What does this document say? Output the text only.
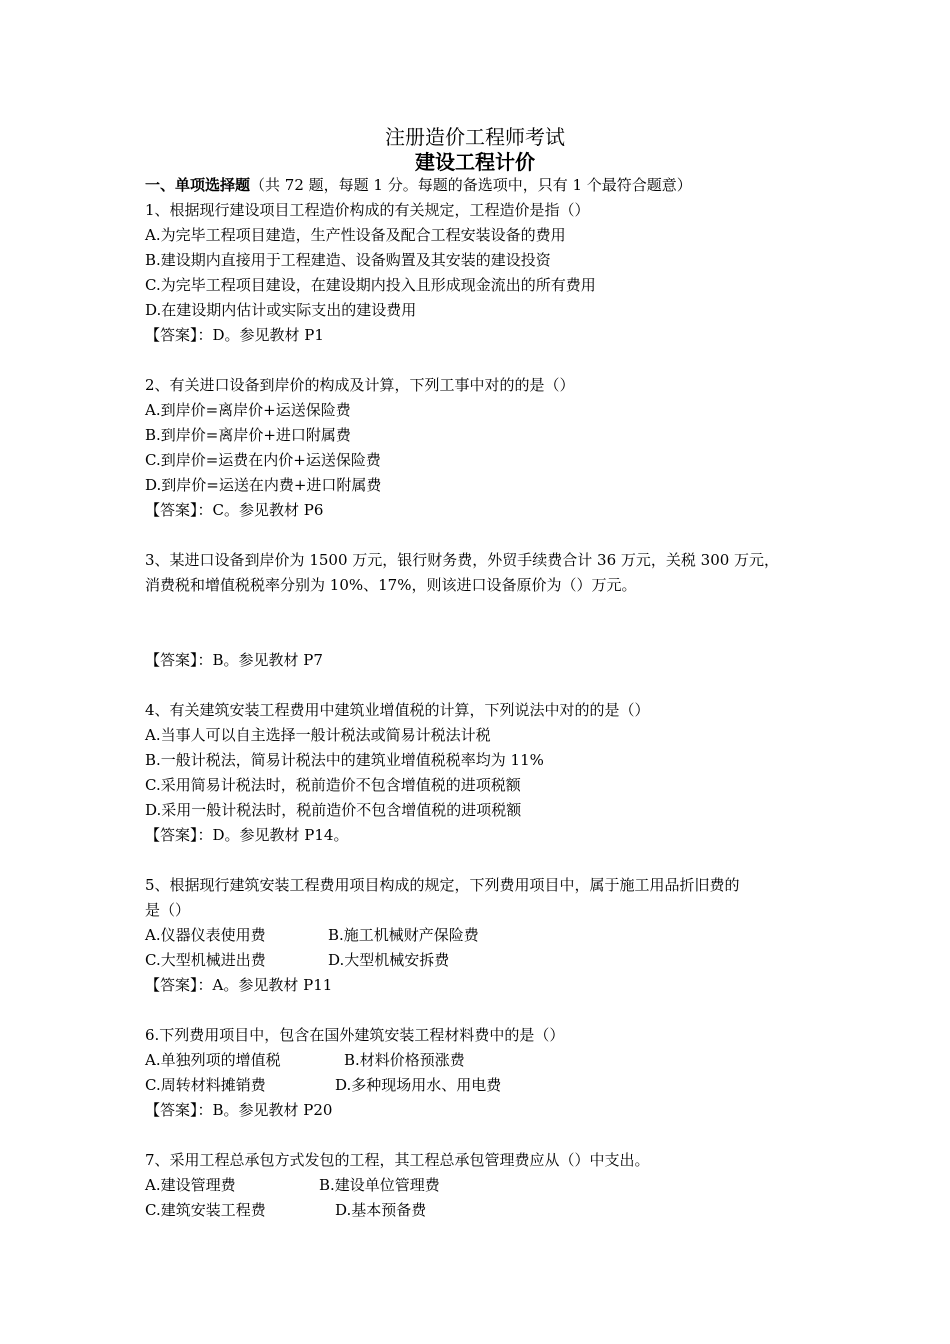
注册造价工程师考试
建设工程计价
一、单项选择题（共 72 题，每题 1 分。每题的备选项中，只有 1 个最符合题意）
1、根据现行建设项目工程造价构成的有关规定，工程造价是指（）
A.为完毕工程项目建造，生产性设备及配合工程安装设备的费用
B.建设期内直接用于工程建造、设备购置及其安装的建设投资
C.为完毕工程项目建设，在建设期内投入且形成现金流出的所有费用
D.在建设期内估计或实际支出的建设费用
【答案】：D。参见教材 P1
2、有关进口设备到岸价的构成及计算，下列工事中对的的是（）
A.到岸价=离岸价+运送保险费
B.到岸价=离岸价+进口附属费
C.到岸价=运费在内价+运送保险费
D.到岸价=运送在内费+进口附属费
【答案】：C。参见教材 P6
3、某进口设备到岸价为 1500 万元，银行财务费，外贸手续费合计 36 万元，关税 300 万元，
消费税和增值税税率分别为 10%、17%，则该进口设备原价为（）万元。
【答案】：B。参见教材 P7
4、有关建筑安装工程费用中建筑业增值税的计算，下列说法中对的的是（）
A.当事人可以自主选择一般计税法或简易计税法计税
B.一般计税法，简易计税法中的建筑业增值税税率均为 11%
C.采用简易计税法时，税前造价不包含增值税的进项税额
D.采用一般计税法时，税前造价不包含增值税的进项税额
【答案】：D。参见教材 P14。
5、根据现行建筑安装工程费用项目构成的规定，下列费用项目中，属于施工用品折旧费的
是（）
A.仪器仪表使用费	B.施工机械财产保险费
C.大型机械进出费	D.大型机械安拆费
【答案】：A。参见教材 P11
6.下列费用项目中，包含在国外建筑安装工程材料费中的是（）
A.单独列项的增值税	B.材料价格预涨费
C.周转材料摊销费	D.多种现场用水、用电费
【答案】：B。参见教材 P20
7、采用工程总承包方式发包的工程，其工程总承包管理费应从（）中支出。
A.建设管理费	B.建设单位管理费
C.建筑安装工程费	D.基本预备费
